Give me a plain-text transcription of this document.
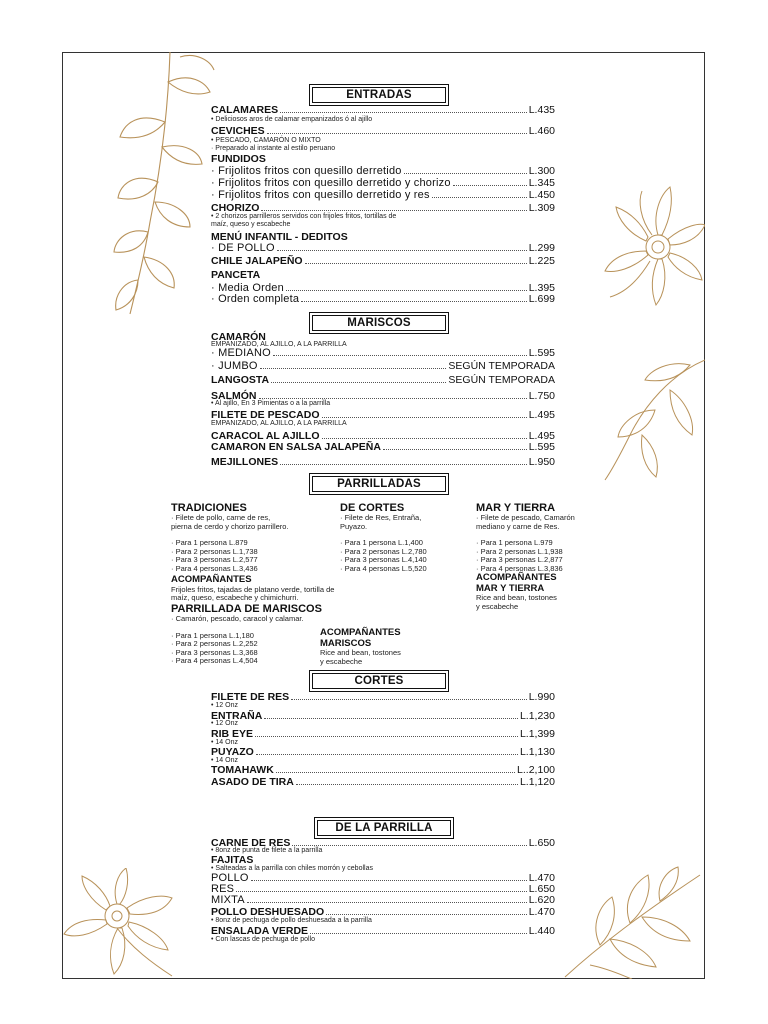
ENTRADAS
CALAMARES	L.435
• Deliciosos aros de calamar empanizados ó al ajillo
CEVICHES	L.460
• PESCADO, CAMARÓN O MIXTO
· Preparado al instante al estilo peruano
FUNDIDOS
· Frijolitos fritos con quesillo derretido	L.300
· Frijolitos fritos con quesillo derretido y chorizo	L.345
· Frijolitos fritos con quesillo derretido y res	L.450
CHORIZO	L.309
• 2 chorizos parrilleros servidos con frijoles fritos, tortillas de
maíz, queso y escabeche
MENÚ INFANTIL - DEDITOS
· DE POLLO	L.299
CHILE JALAPEÑO	L.225
PANCETA
· Media Orden	L.395
· Orden completa	L.699
MARISCOS
CAMARÓN
EMPANIZADO, AL AJILLO, A LA PARRILLA
· MEDIANO	L.595
· JUMBO	SEGÚN TEMPORADA
LANGOSTA	SEGÚN TEMPORADA
SALMÓN	L.750
• Al ajillo, En 3 Pimientas o a la parrilla
FILETE DE PESCADO	L.495
EMPANIZADO, AL AJILLO, A LA PARRILLA
CARACOL AL AJILLO	L.495
CAMARON EN SALSA JALAPEÑA	L.595
MEJILLONES	L.950
PARRILLADAS
TRADICIONES
· Filete de pollo, carne de res,
pierna de cerdo y chorizo parrillero.
· Para 1 persona L.879
· Para 2 personas L.1,738
· Para 3 personas L.2,577
· Para 4 personas L.3,436
DE CORTES
· Filete de Res, Entraña,
Puyazo.
· Para 1 persona L.1,400
· Para 2 personas L.2,780
· Para 3 personas L.4,140
· Para 4 personas L.5,520
MAR Y TIERRA
· Filete de pescado, Camarón
mediano y carne de Res.
· Para 1 persona L.979
· Para 2 personas L.1,938
· Para 3 personas L.2,877
· Para 4 personas L.3,836
ACOMPAÑANTES
Frijoles fritos, tajadas de platano verde, tortilla de
maíz, queso, escabeche y chimichurri.
ACOMPAÑANTES
MAR Y TIERRA
Rice and bean, tostones
y escabeche
PARRILLADA DE MARISCOS
· Camarón, pescado, caracol y calamar.
· Para 1 persona L.1,180
· Para 2 personas L.2,252
· Para 3 personas L.3,368
· Para 4 personas L.4,504
ACOMPAÑANTES
MARISCOS
Rice and bean, tostones
y escabeche
CORTES
FILETE DE RES	L.990
• 12 Onz
ENTRAÑA	L.1,230
• 12 Onz
RIB EYE	L.1,399
• 14 Onz
PUYAZO	L.1,130
• 14 Onz
TOMAHAWK	L..2,100
ASADO DE TIRA	L.1,120
DE LA PARRILLA
CARNE DE RES	L.650
• 8onz de punta de filete a la parrilla
FAJITAS
• Salteadas a la parrilla con chiles morrón y cebollas
POLLO	L.470
RES	L.650
MIXTA	L.620
POLLO DESHUESADO	L.470
• 8onz de pechuga de pollo deshuesada a la parrilla
ENSALADA VERDE	L.440
• Con lascas de pechuga de pollo
